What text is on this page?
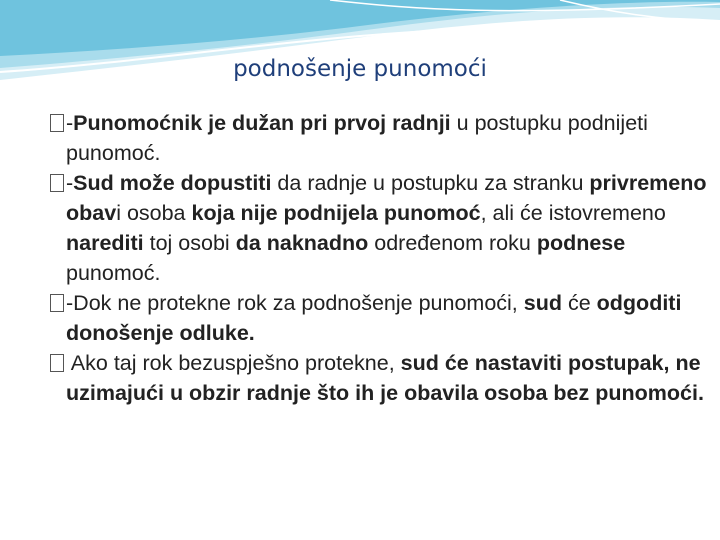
podnošenje punomoći

-Punomoćnik je dužan pri prvoj radnji u postupku podnijeti punomoć.

-Sud može dopustiti da radnje u postupku za stranku privremeno obavi osoba koja nije podnijela punomoć, ali će istovremeno narediti toj osobi da naknadno određenom roku podnese punomoć.

-Dok ne protekne rok za podnošenje punomoći, sud će odgoditi donošenje odluke.

Ako taj rok bezuspješno protekne, sud će nastaviti postupak, ne uzimajući u obzir radnje što ih je obavila osoba bez punomoći.
